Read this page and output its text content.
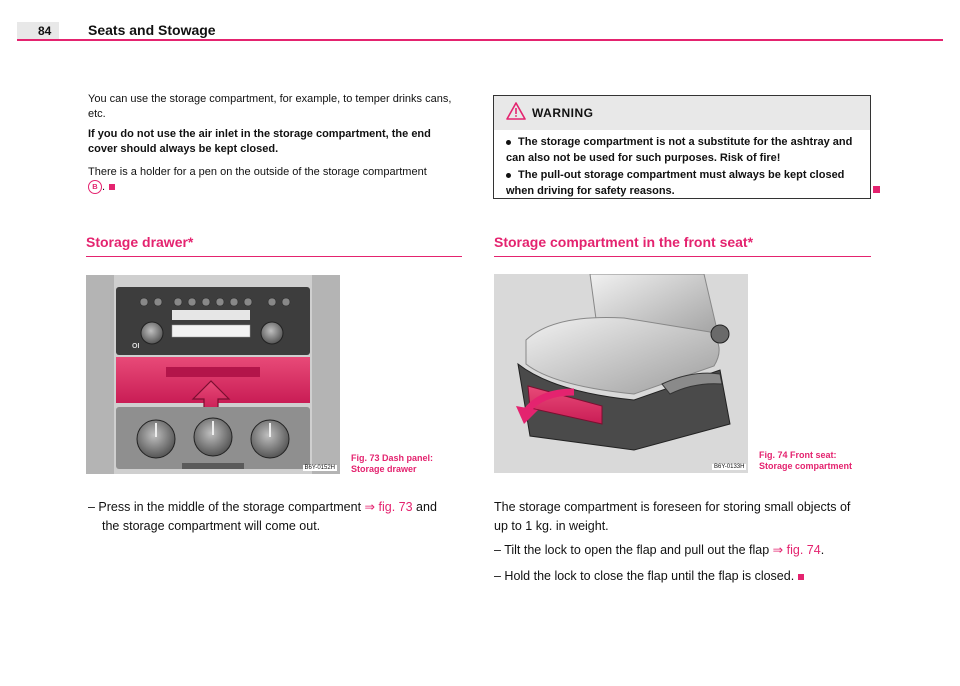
84	Seats and Stowage
You can use the storage compartment, for example, to temper drinks cans, etc.
If you do not use the air inlet in the storage compartment, the end cover should always be kept closed.
There is a holder for a pen on the outside of the storage compartment
B .
WARNING
The storage compartment is not a substitute for the ashtray and can also not be used for such purposes. Risk of fire!
The pull-out storage compartment must always be kept closed when driving for safety reasons.
Storage drawer*
OI
B6Y-0152H
Fig. 73 Dash panel:
Storage drawer
– Press in the middle of the storage compartment ⇒ fig. 73 and
the storage compartment will come out.
Storage compartment in the front seat*
B6Y-0133H
Fig. 74 Front seat:
Storage compartment
The storage compartment is foreseen for storing small objects of
up to 1 kg. in weight.
– Tilt the lock to open the flap and pull out the flap ⇒ fig. 74.
– Hold the lock to close the flap until the flap is closed.
